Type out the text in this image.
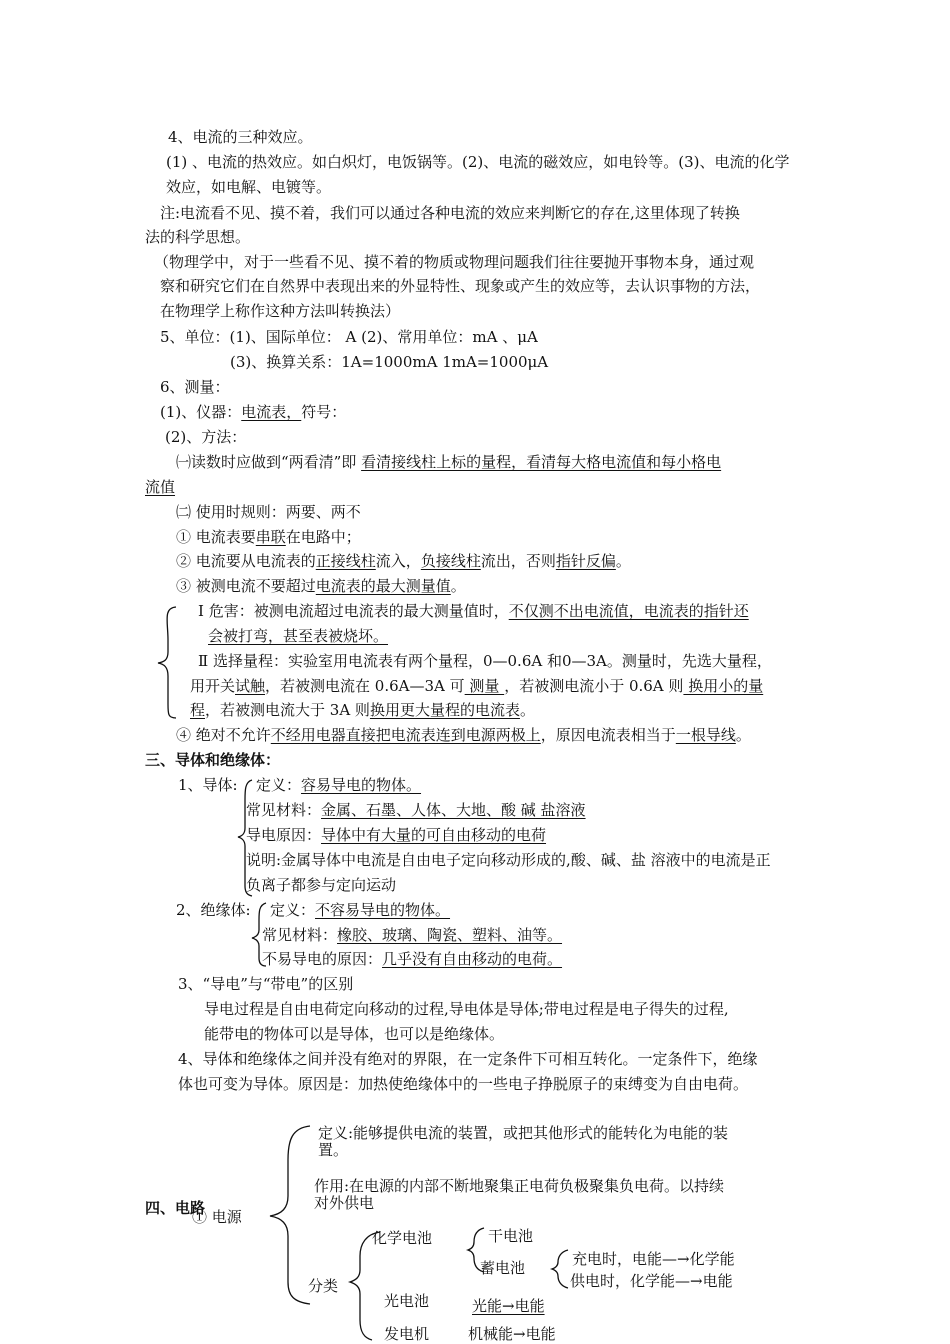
4、电流的三种效应。
(1) 、电流的热效应。如白炽灯，电饭锅等。(2)、电流的磁效应，如电铃等。(3)、电流的化学
效应，如电解、电镀等。
注:电流看不见、摸不着，我们可以通过各种电流的效应来判断它的存在,这里体现了转换
法的科学思想。
（物理学中，对于一些看不见、摸不着的物质或物理问题我们往往要抛开事物本身，通过观
察和研究它们在自然界中表现出来的外显特性、现象或产生的效应等，去认识事物的方法，
在物理学上称作这种方法叫转换法）
5、单位：(1)、国际单位： A (2)、常用单位：mA 、μA
(3)、换算关系：1A=1000mA 1mA=1000μA
6、测量：
(1)、仪器：电流表，符号：
(2)、方法：
㈠读数时应做到“两看清”即 看清接线柱上标的量程，看清每大格电流值和每小格电
流值
㈡ 使用时规则：两要、两不
① 电流表要串联在电路中；
② 电流要从电流表的正接线柱流入，负接线柱流出，否则指针反偏。
③ 被测电流不要超过电流表的最大测量值。
Ⅰ 危害：被测电流超过电流表的最大测量值时，不仅测不出电流值，电流表的指针还
会被打弯，甚至表被烧坏。
Ⅱ 选择量程：实验室用电流表有两个量程，0—0.6A 和0—3A。测量时，先选大量程，
用开关试触，若被测电流在 0.6A—3A 可 测量 ，若被测电流小于 0.6A 则 换用小的量
程，若被测电流大于 3A 则换用更大量程的电流表。
④ 绝对不允许不经用电器直接把电流表连到电源两极上，原因电流表相当于一根导线。
三、导体和绝缘体：
1、导体: 定义：容易导电的物体。
常见材料：金属、石墨、人体、大地、酸 碱 盐溶液
导电原因：导体中有大量的可自由移动的电荷
说明:金属导体中电流是自由电子定向移动形成的,酸、碱、盐 溶液中的电流是正
负离子都参与定向运动
2、绝缘体: 定义：不容易导电的物体。
常见材料：橡胶、玻璃、陶瓷、塑料、油等。
不易导电的原因：几乎没有自由移动的电荷。
3、“导电”与“带电”的区别
导电过程是自由电荷定向移动的过程,导电体是导体;带电过程是电子得失的过程,
能带电的物体可以是导体，也可以是绝缘体。
4、导体和绝缘体之间并没有绝对的界限，在一定条件下可相互转化。一定条件下，绝缘
体也可变为导体。原因是：加热使绝缘体中的一些电子挣脱原子的束缚变为自由电荷。
定义:能够提供电流的装置，或把其他形式的能转化为电能的装
置。
作用:在电源的内部不断地聚集正电荷负极聚集负电荷。以持续
对外供电
四、电路
① 电源
化学电池	干电池
蓄电池	充电时，电能—→化学能
供电时，化学能—→电能
分类
光电池	光能→电能
发电机	机械能→电能
